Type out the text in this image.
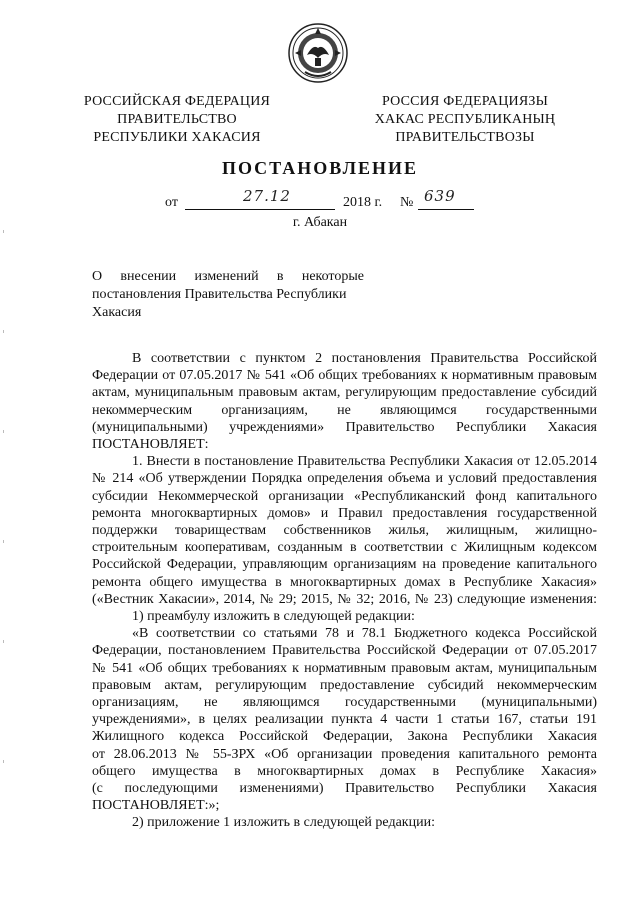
РОССИЙСКАЯ ФЕДЕРАЦИЯ
ПРАВИТЕЛЬСТВО
РЕСПУБЛИКИ ХАКАСИЯ
РОССИЯ ФЕДЕРАЦИЯЗЫ
ХАКАС РЕСПУБЛИКАНЫҢ
ПРАВИТЕЛЬСТВОЗЫ
ПОСТАНОВЛЕНИЕ
от	27.12	2018 г. № 639
г. Абакан
О внесении изменений в некоторые
постановления Правительства Республики
Хакасия
В соответствии с пунктом 2 постановления Правительства Российской
Федерации от 07.05.2017 № 541 «Об общих требованиях к нормативным правовым
актам, муниципальным правовым актам, регулирующим предоставление субсидий
некоммерческим организациям, не являющимся государственными
(муниципальными) учреждениями» Правительство Республики Хакасия
ПОСТАНОВЛЯЕТ:
1. Внести в постановление Правительства Республики Хакасия от 12.05.2014
№ 214 «Об утверждении Порядка определения объема и условий предоставления
субсидии Некоммерческой организации «Республиканский фонд капитального
ремонта многоквартирных домов» и Правил предоставления государственной
поддержки товариществам собственников жилья, жилищным, жилищно-
строительным кооперативам, созданным в соответствии с Жилищным кодексом
Российской Федерации, управляющим организациям на проведение капитального
ремонта общего имущества в многоквартирных домах в Республике Хакасия»
(«Вестник Хакасии», 2014, № 29; 2015, № 32; 2016, № 23) следующие изменения:
1) преамбулу изложить в следующей редакции:
«В соответствии со статьями 78 и 78.1 Бюджетного кодекса Российской
Федерации, постановлением Правительства Российской Федерации от 07.05.2017
№ 541 «Об общих требованиях к нормативным правовым актам, муниципальным
правовым актам, регулирующим предоставление субсидий некоммерческим
организациям, не являющимся государственными (муниципальными)
учреждениями», в целях реализации пункта 4 части 1 статьи 167, статьи 191
Жилищного кодекса Российской Федерации, Закона Республики Хакасия
от 28.06.2013 № 55-ЗРХ «Об организации проведения капитального ремонта
общего имущества в многоквартирных домах в Республике Хакасия»
(с последующими изменениями) Правительство Республики Хакасия
ПОСТАНОВЛЯЕТ:»;
2) приложение 1 изложить в следующей редакции:
